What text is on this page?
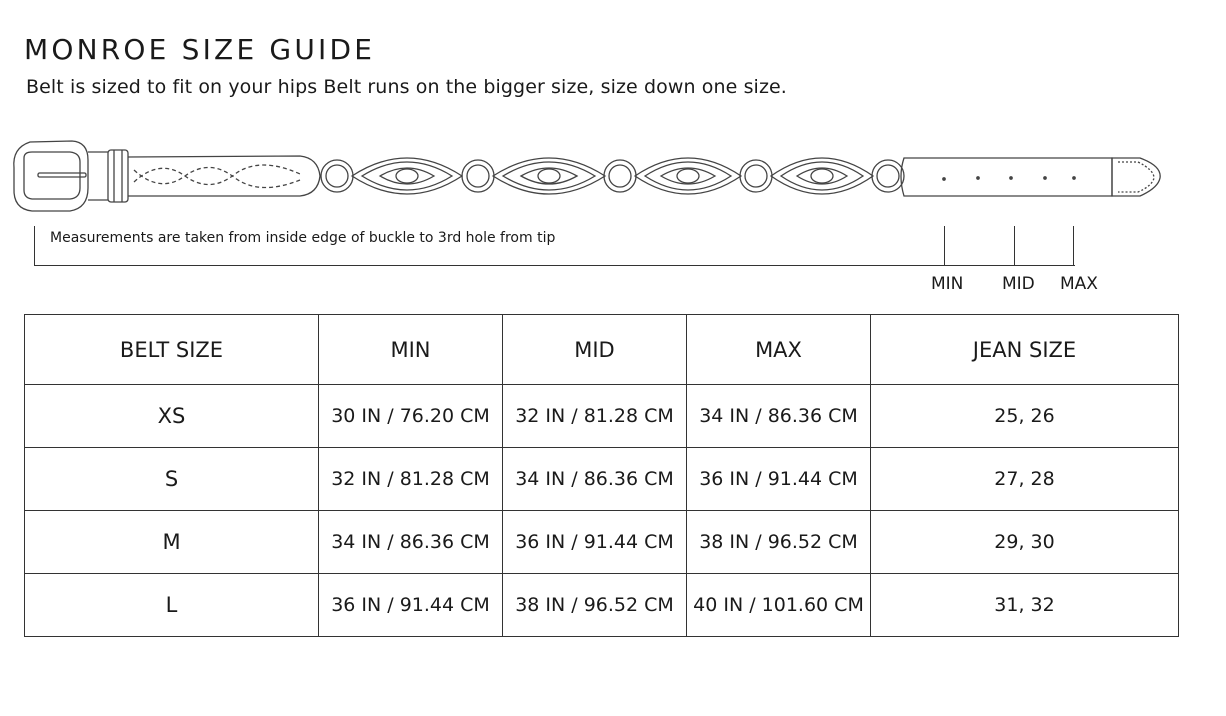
MONROE SIZE GUIDE

Belt is sized to fit on your hips Belt runs on the bigger size, size down one size.

Measurements are taken from inside edge of buckle to 3rd hole from tip
MIN MID MAX
BELT SIZE	MIN	MID	MAX	JEAN SIZE
XS	30 IN / 76.20 CM	32 IN / 81.28 CM	34 IN / 86.36 CM	25, 26
S	32 IN / 81.28 CM	34 IN / 86.36 CM	36 IN / 91.44 CM	27, 28
M	34 IN / 86.36 CM	36 IN / 91.44 CM	38 IN / 96.52 CM	29, 30
L	36 IN / 91.44 CM	38 IN / 96.52 CM	40 IN / 101.60 CM	31, 32
